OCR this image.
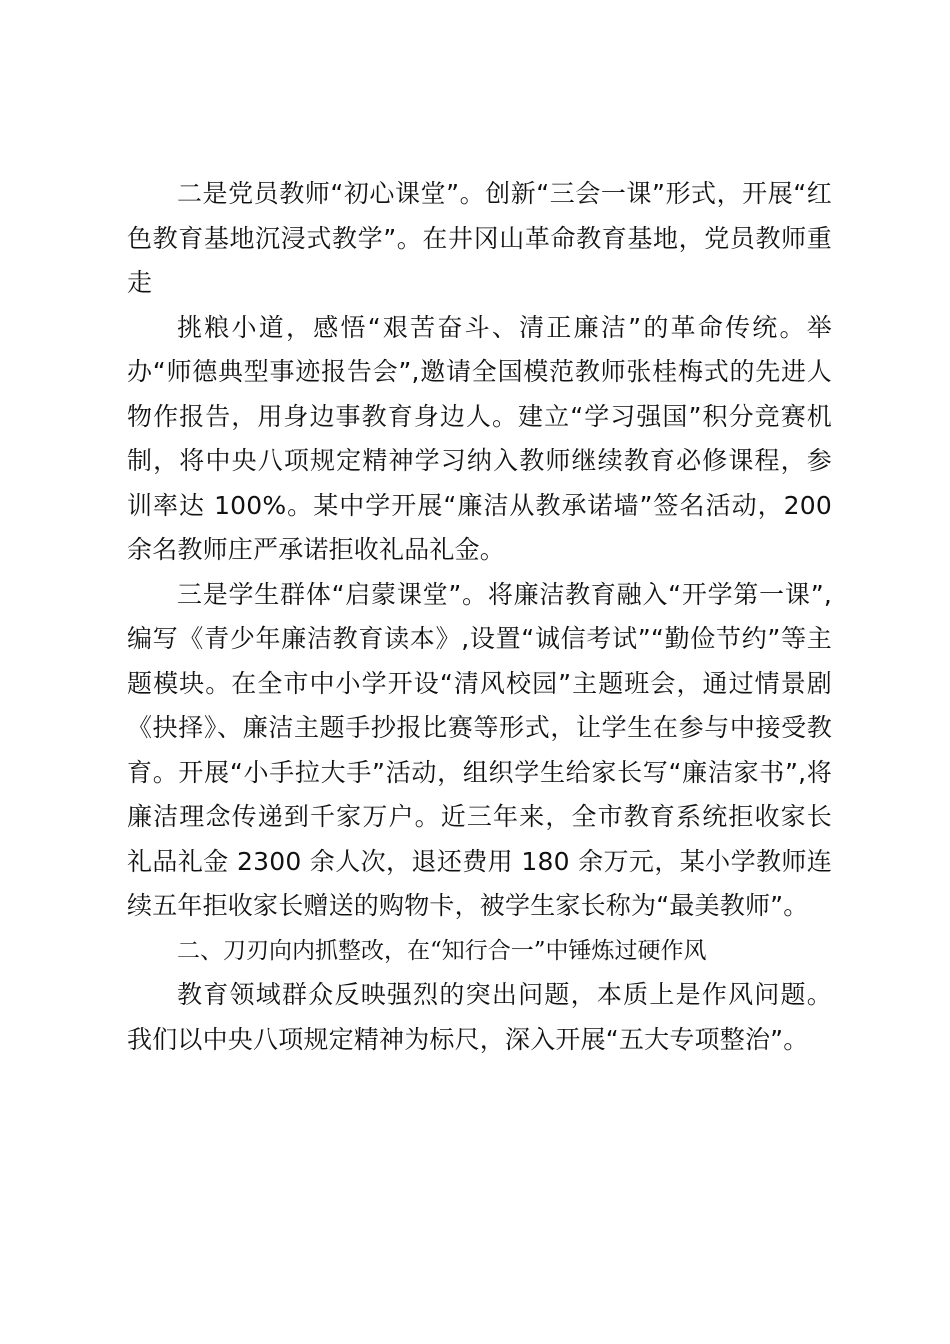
二是党员教师“初心课堂”。创新“三会一课”形式，开展“红色教育基地沉浸式教学”。在井冈山革命教育基地，党员教师重走

挑粮小道，感悟“艰苦奋斗、清正廉洁”的革命传统。举办“师德典型事迹报告会”,邀请全国模范教师张桂梅式的先进人物作报告，用身边事教育身边人。建立“学习强国”积分竞赛机制，将中央八项规定精神学习纳入教师继续教育必修课程，参训率达 100%。某中学开展“廉洁从教承诺墙”签名活动，200 余名教师庄严承诺拒收礼品礼金。

三是学生群体“启蒙课堂”。将廉洁教育融入“开学第一课”,编写《青少年廉洁教育读本》,设置“诚信考试”“勤俭节约”等主题模块。在全市中小学开设“清风校园”主题班会，通过情景剧《抉择》、廉洁主题手抄报比赛等形式，让学生在参与中接受教育。开展“小手拉大手”活动，组织学生给家长写“廉洁家书”,将廉洁理念传递到千家万户。近三年来，全市教育系统拒收家长礼品礼金 2300 余人次，退还费用 180 余万元，某小学教师连续五年拒收家长赠送的购物卡，被学生家长称为“最美教师”。

二、刀刃向内抓整改，在“知行合一”中锤炼过硬作风

教育领域群众反映强烈的突出问题，本质上是作风问题。我们以中央八项规定精神为标尺，深入开展“五大专项整治”。
